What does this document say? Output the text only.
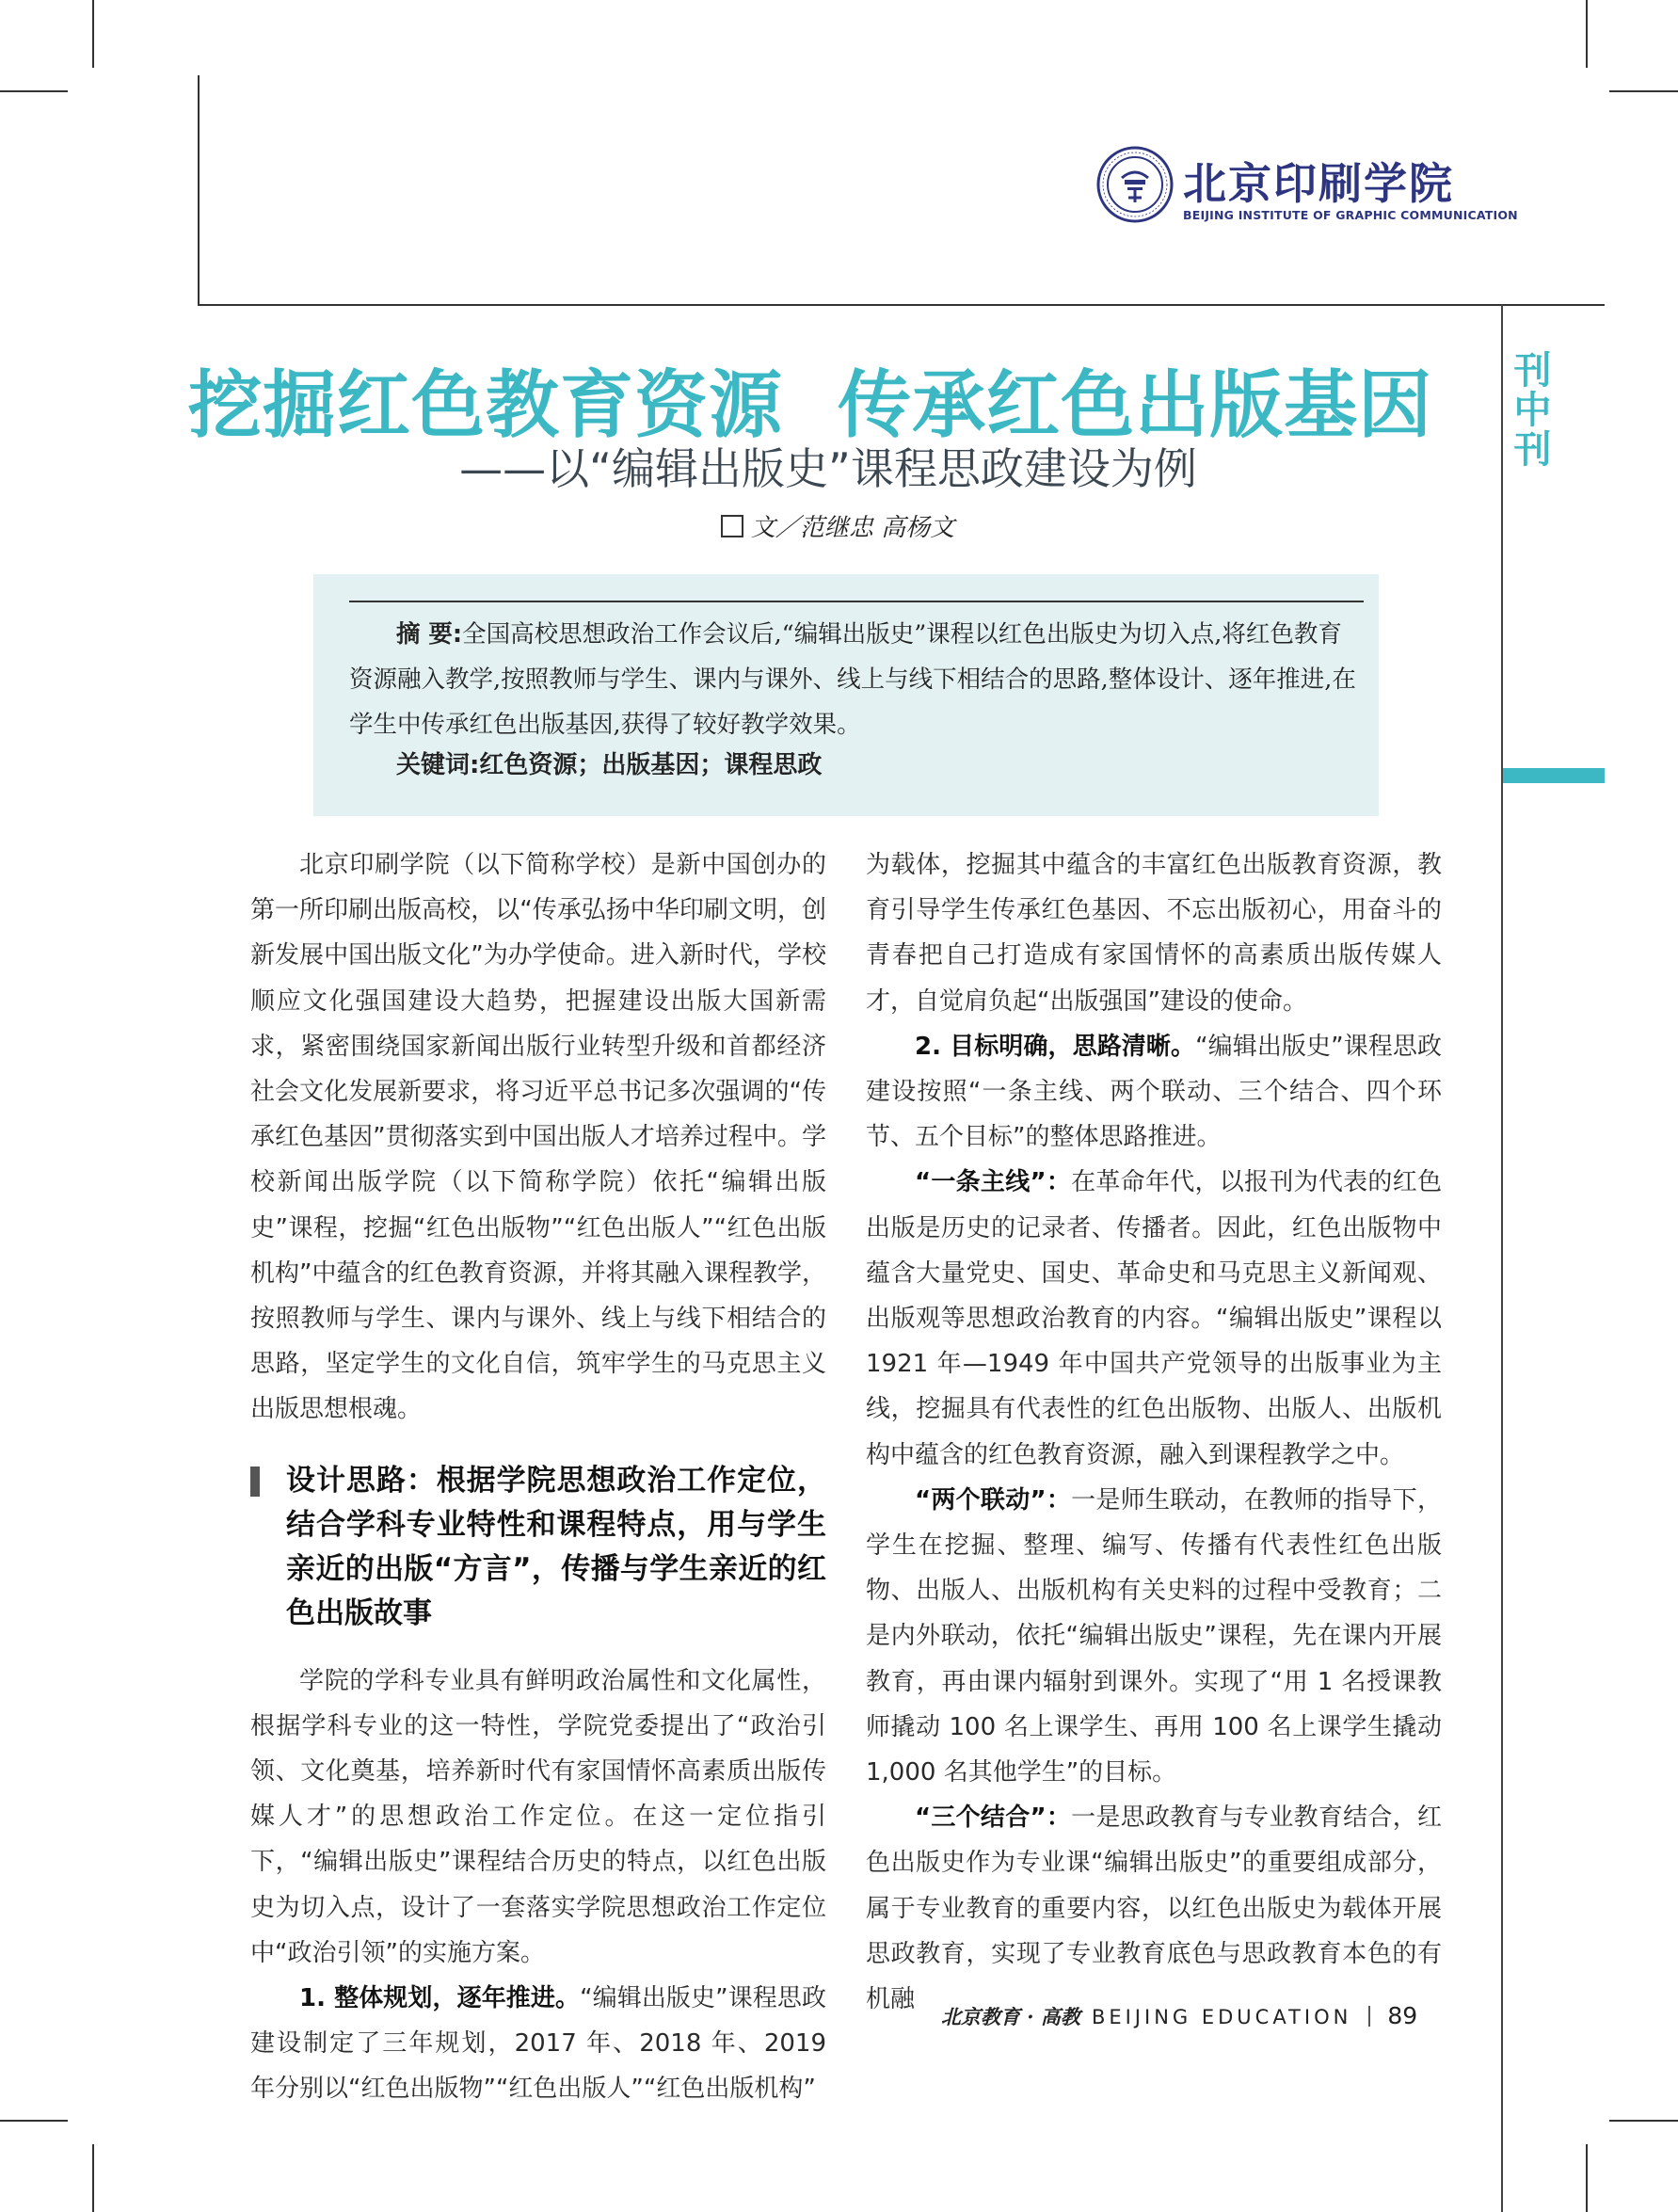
刊中刊
北京印刷学院
BEIJING INSTITUTE OF GRAPHIC COMMUNICATION
挖掘红色教育资源 传承红色出版基因
——以“编辑出版史”课程思政建设为例
文／范继忠 高杨文
摘 要:全国高校思想政治工作会议后,“编辑出版史”课程以红色出版史为切入点,将红色教育资源融入教学,按照教师与学生、课内与课外、线上与线下相结合的思路,整体设计、逐年推进,在学生中传承红色出版基因,获得了较好教学效果。
关键词:红色资源；出版基因；课程思政

北京印刷学院（以下简称学校）是新中国创办的第一所印刷出版高校，以“传承弘扬中华印刷文明，创新发展中国出版文化”为办学使命。进入新时代，学校顺应文化强国建设大趋势，把握建设出版大国新需求，紧密围绕国家新闻出版行业转型升级和首都经济社会文化发展新要求，将习近平总书记多次强调的“传承红色基因”贯彻落实到中国出版人才培养过程中。学校新闻出版学院（以下简称学院）依托“编辑出版史”课程，挖掘“红色出版物”“红色出版人”“红色出版机构”中蕴含的红色教育资源，并将其融入课程教学，按照教师与学生、课内与课外、线上与线下相结合的思路，坚定学生的文化自信，筑牢学生的马克思主义出版思想根魂。

设计思路：根据学院思想政治工作定位，结合学科专业特性和课程特点，用与学生亲近的出版“方言”，传播与学生亲近的红色出版故事

学院的学科专业具有鲜明政治属性和文化属性，根据学科专业的这一特性，学院党委提出了“政治引领、文化奠基，培养新时代有家国情怀高素质出版传媒人才”的思想政治工作定位。在这一定位指引下，“编辑出版史”课程结合历史的特点，以红色出版史为切入点，设计了一套落实学院思想政治工作定位中“政治引领”的实施方案。

1. 整体规划，逐年推进。“编辑出版史”课程思政建设制定了三年规划，2017 年、2018 年、2019 年分别以“红色出版物”“红色出版人”“红色出版机构”

为载体，挖掘其中蕴含的丰富红色出版教育资源，教育引导学生传承红色基因、不忘出版初心，用奋斗的青春把自己打造成有家国情怀的高素质出版传媒人才，自觉肩负起“出版强国”建设的使命。

2. 目标明确，思路清晰。“编辑出版史”课程思政建设按照“一条主线、两个联动、三个结合、四个环节、五个目标”的整体思路推进。

“一条主线”：在革命年代，以报刊为代表的红色出版是历史的记录者、传播者。因此，红色出版物中蕴含大量党史、国史、革命史和马克思主义新闻观、出版观等思想政治教育的内容。“编辑出版史”课程以 1921 年—1949 年中国共产党领导的出版事业为主线，挖掘具有代表性的红色出版物、出版人、出版机构中蕴含的红色教育资源，融入到课程教学之中。

“两个联动”：一是师生联动，在教师的指导下，学生在挖掘、整理、编写、传播有代表性红色出版物、出版人、出版机构有关史料的过程中受教育；二是内外联动，依托“编辑出版史”课程，先在课内开展教育，再由课内辐射到课外。实现了“用 1 名授课教师撬动 100 名上课学生、再用 100 名上课学生撬动 1,000 名其他学生”的目标。

“三个结合”：一是思政教育与专业教育结合，红色出版史作为专业课“编辑出版史”的重要组成部分，属于专业教育的重要内容，以红色出版史为载体开展思政教育，实现了专业教育底色与思政教育本色的有机融

北京教育 · 高教 BEIJING EDUCATION 89
